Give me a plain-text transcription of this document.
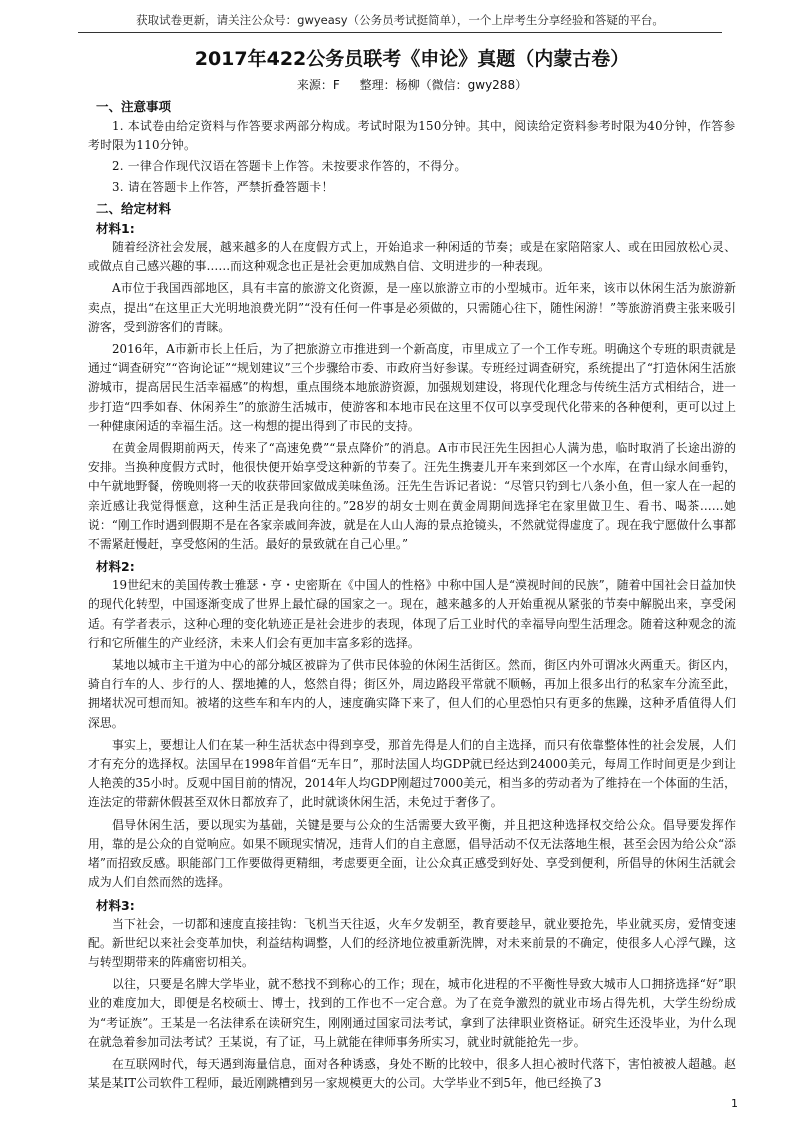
获取试卷更新，请关注公众号：gwyeasy（公务员考试挺简单），一个上岸考生分享经验和答疑的平台。
2017年422公务员联考《申论》真题（内蒙古卷）
来源：F 整理：杨柳（微信：gwy288）
一、注意事项

1. 本试卷由给定资料与作答要求两部分构成。考试时限为150分钟。其中，阅读给定资料参考时限为40分钟，作答参考时限为110分钟。

2. 一律合作现代汉语在答题卡上作答。未按要求作答的，不得分。

3. 请在答题卡上作答，严禁折叠答题卡！

二、给定材料
材料1:

随着经济社会发展，越来越多的人在度假方式上，开始追求一种闲适的节奏；或是在家陪陪家人、或在田园放松心灵、或做点自己感兴趣的事……而这种观念也正是社会更加成熟自信、文明进步的一种表现。

A市位于我国西部地区，具有丰富的旅游文化资源，是一座以旅游立市的小型城市。近年来，该市以休闲生活为旅游新卖点，提出“在这里正大光明地浪费光阴”“没有任何一件事是必须做的，只需随心往下，随性闲游！”等旅游消费主张来吸引游客，受到游客们的青睐。

2016年，A市新市长上任后，为了把旅游立市推进到一个新高度，市里成立了一个工作专班。明确这个专班的职责就是通过“调查研究”“咨询论证”“规划建议”三个步骤给市委、市政府当好参谋。专班经过调查研究，系统提出了“打造休闲生活旅游城市，提高居民生活幸福感”的构想，重点围绕本地旅游资源，加强规划建设，将现代化理念与传统生活方式相结合，进一步打造“四季如春、休闲养生”的旅游生活城市，使游客和本地市民在这里不仅可以享受现代化带来的各种便利，更可以过上一种健康闲适的幸福生活。这一构想的提出得到了市民的支持。

在黄金周假期前两天，传来了“高速免费”“景点降价”的消息。A市市民汪先生因担心人满为患，临时取消了长途出游的安排。当换种度假方式时，他很快便开始享受这种新的节奏了。汪先生携妻儿开车来到郊区一个水库，在青山绿水间垂钓，中午就地野餐，傍晚则将一天的收获带回家做成美味鱼汤。汪先生告诉记者说：“尽管只钓到七八条小鱼，但一家人在一起的亲近感让我觉得惬意，这种生活正是我向往的。”28岁的胡女士则在黄金周期间选择宅在家里做卫生、看书、喝茶……她说：“刚工作时遇到假期不是在各家亲戚间奔波，就是在人山人海的景点抢镜头，不然就觉得虚度了。现在我宁愿做什么事都不需紧赶慢赶，享受悠闲的生活。最好的景致就在自己心里。”

材料2:

19世纪末的美国传教士雅瑟・亨・史密斯在《中国人的性格》中称中国人是“漠视时间的民族”，随着中国社会日益加快的现代化转型，中国逐渐变成了世界上最忙碌的国家之一。现在，越来越多的人开始重视从紧张的节奏中解脱出来，享受闲适。有学者表示，这种心理的变化轨迹正是社会进步的表现，体现了后工业时代的幸福导向型生活理念。随着这种观念的流行和它所催生的产业经济，未来人们会有更加丰富多彩的选择。

某地以城市主干道为中心的部分城区被辟为了供市民体验的休闲生活街区。然而，街区内外可谓冰火两重天。街区内，骑自行车的人、步行的人、摆地摊的人，悠然自得；街区外，周边路段平常就不顺畅，再加上很多出行的私家车分流至此，拥堵状况可想而知。被堵的这些车和车内的人，速度确实降下来了，但人们的心里恐怕只有更多的焦躁，这种矛盾值得人们深思。

事实上，要想让人们在某一种生活状态中得到享受，那首先得是人们的自主选择，而只有依靠整体性的社会发展，人们才有充分的选择权。法国早在1998年首倡“无车日”，那时法国人均GDP就已经达到24000美元，每周工作时间更是少到让人艳羡的35小时。反观中国目前的情况，2014年人均GDP刚超过7000美元，相当多的劳动者为了维持在一个体面的生活，连法定的带薪休假甚至双休日都放弃了，此时就谈休闲生活，未免过于奢侈了。

倡导休闲生活，要以现实为基础，关键是要与公众的生活需要大致平衡，并且把这种选择权交给公众。倡导要发挥作用，靠的是公众的自觉响应。如果不顾现实情况，违背人们的自主意愿，倡导活动不仅无法落地生根，甚至会因为给公众“添堵”而招致反感。职能部门工作要做得更精细，考虑要更全面，让公众真正感受到好处、享受到便利，所倡导的休闲生活就会成为人们自然而然的选择。

材料3:

当下社会，一切都和速度直接挂钩：飞机当天往返，火车夕发朝至，教育要趁早，就业要抢先，毕业就买房，爱情变速配。新世纪以来社会变革加快，利益结构调整，人们的经济地位被重新洗牌，对未来前景的不确定，使很多人心浮气躁，这与转型期带来的阵痛密切相关。

以往，只要是名牌大学毕业，就不愁找不到称心的工作；现在，城市化进程的不平衡性导致大城市人口拥挤选择“好”职业的难度加大，即便是名校硕士、博士，找到的工作也不一定合意。为了在竞争激烈的就业市场占得先机，大学生纷纷成为“考证族”。王某是一名法律系在读研究生，刚刚通过国家司法考试，拿到了法律职业资格证。研究生还没毕业，为什么现在就急着参加司法考试？王某说，有了证，马上就能在律师事务所实习，就业时就能抢先一步。

在互联网时代，每天遇到海量信息，面对各种诱惑，身处不断的比较中，很多人担心被时代落下，害怕被被人超越。赵某是某IT公司软件工程师，最近刚跳槽到另一家规模更大的公司。大学毕业不到5年，他已经换了3

1
